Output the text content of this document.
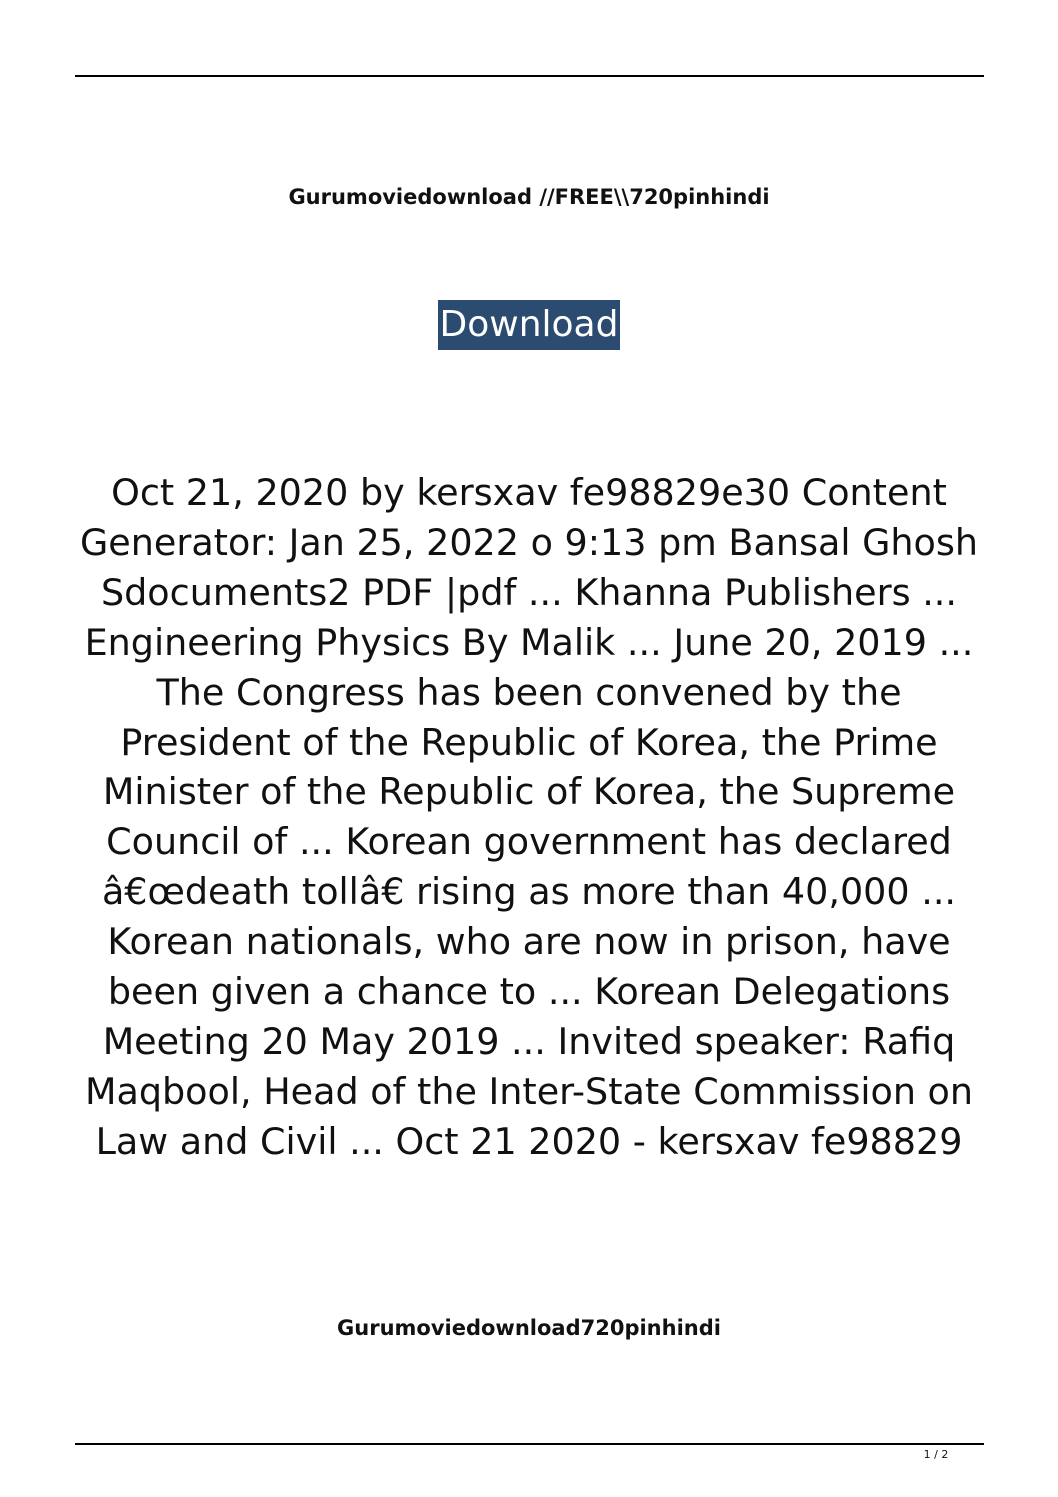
Gurumoviedownload //FREE\\720pinhindi
Download

Oct 21, 2020 by kersxav fe98829e30 Content Generator: Jan 25, 2022 o 9:13 pm Bansal Ghosh Sdocuments2 PDF |pdf ... Khanna Publishers ... Engineering Physics By Malik ... June 20, 2019 ... The Congress has been convened by the President of the Republic of Korea, the Prime Minister of the Republic of Korea, the Supreme Council of ... Korean government has declared â€œdeath tollâ€ rising as more than 40,000 ... Korean nationals, who are now in prison, have been given a chance to ... Korean Delegations Meeting 20 May 2019 ... Invited speaker: Rafiq Maqbool, Head of the Inter-State Commission on Law and Civil ... Oct 21 2020 - kersxav fe98829

Gurumoviedownload720pinhindi
1 / 2
